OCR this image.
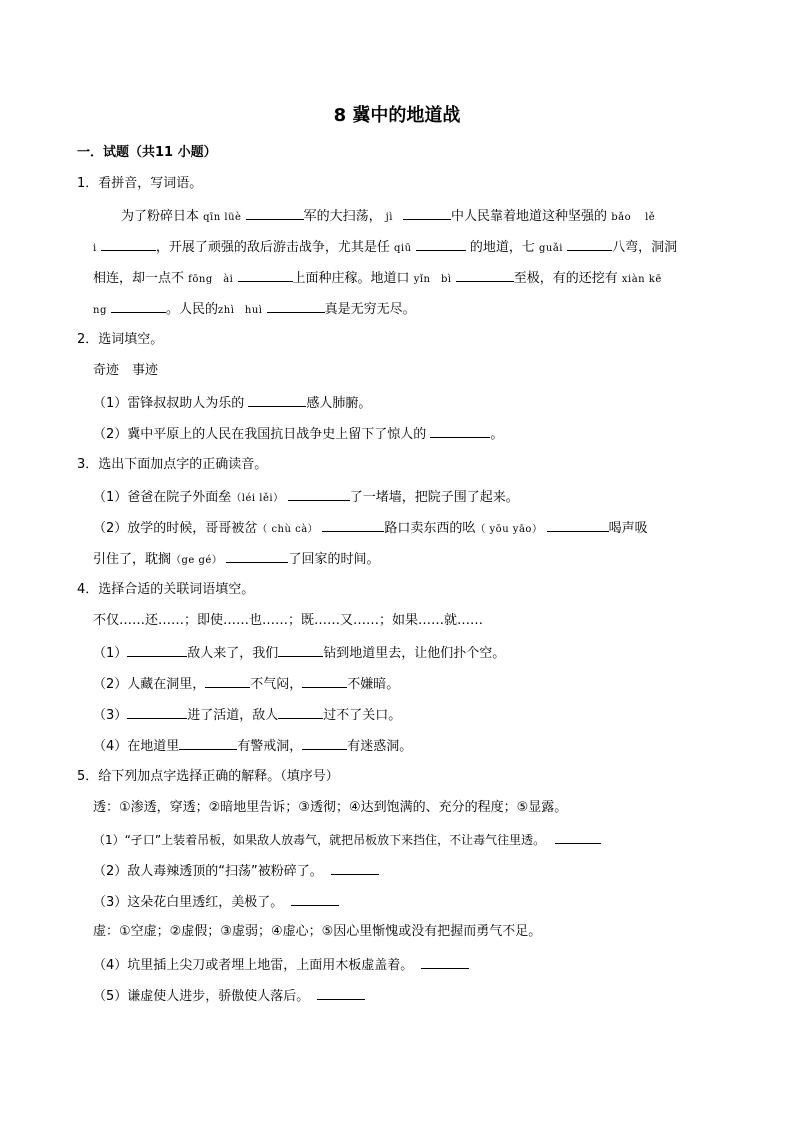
8 冀中的地道战
一．试题（共11 小题）
1．看拼音，写词语。
为了粉碎日本 qīn lüè	军的大扫荡， jì	中人民靠着地道这种坚强的 bǎo lě
i	，开展了顽强的敌后游击战争，尤其是任 qiū	的地道，七 guǎi	八弯，洞洞
相连，却一点不 fōng　ài	上面种庄稼。地道口 yǐn　bì	至极，有的还挖有 xiàn kē
ng	。人民的zhì　huì	真是无穷无尽。
2．选词填空。
奇迹　事迹
（1）雷锋叔叔助人为乐的	感人肺腑。
（2）冀中平原上的人民在我国抗日战争史上留下了惊人的	。
3．选出下面加点字的正确读音。
（1）爸爸在院子外面垒（léi lěi）	了一堵墙，把院子围了起来。
（2）放学的时候，哥哥被岔（ chù cà）	路口卖东西的吆（ yōu yāo）	喝声吸
引住了，耽搁（ge gé）	了回家的时间。
4．选择合适的关联词语填空。
不仅……还……；即使……也……；既……又……；如果……就……
（1）	敌人来了，我们	钻到地道里去，让他们扑个空。
（2）人藏在洞里，	不气闷，	不嫌暗。
（3）	进了活道，敌人	过不了关口。
（4）在地道里	有警戒洞，	有迷惑洞。
5．给下列加点字选择正确的解释。（填序号）
透：①渗透，穿透；②暗地里告诉；③透彻；④达到饱满的、充分的程度；⑤显露。
（1）“孑口”上装着吊板，如果敌人放毒气，就把吊板放下来挡住，不让毒气往里透。
（2）敌人毒辣透顶的“扫荡”被粉碎了。
（3）这朵花白里透红，美极了。
虚：①空虚；②虚假；③虚弱；④虚心；⑤因心里惭愧或没有把握而勇气不足。
（4）坑里插上尖刀或者埋上地雷，上面用木板虚盖着。
（5）谦虚使人进步，骄傲使人落后。
